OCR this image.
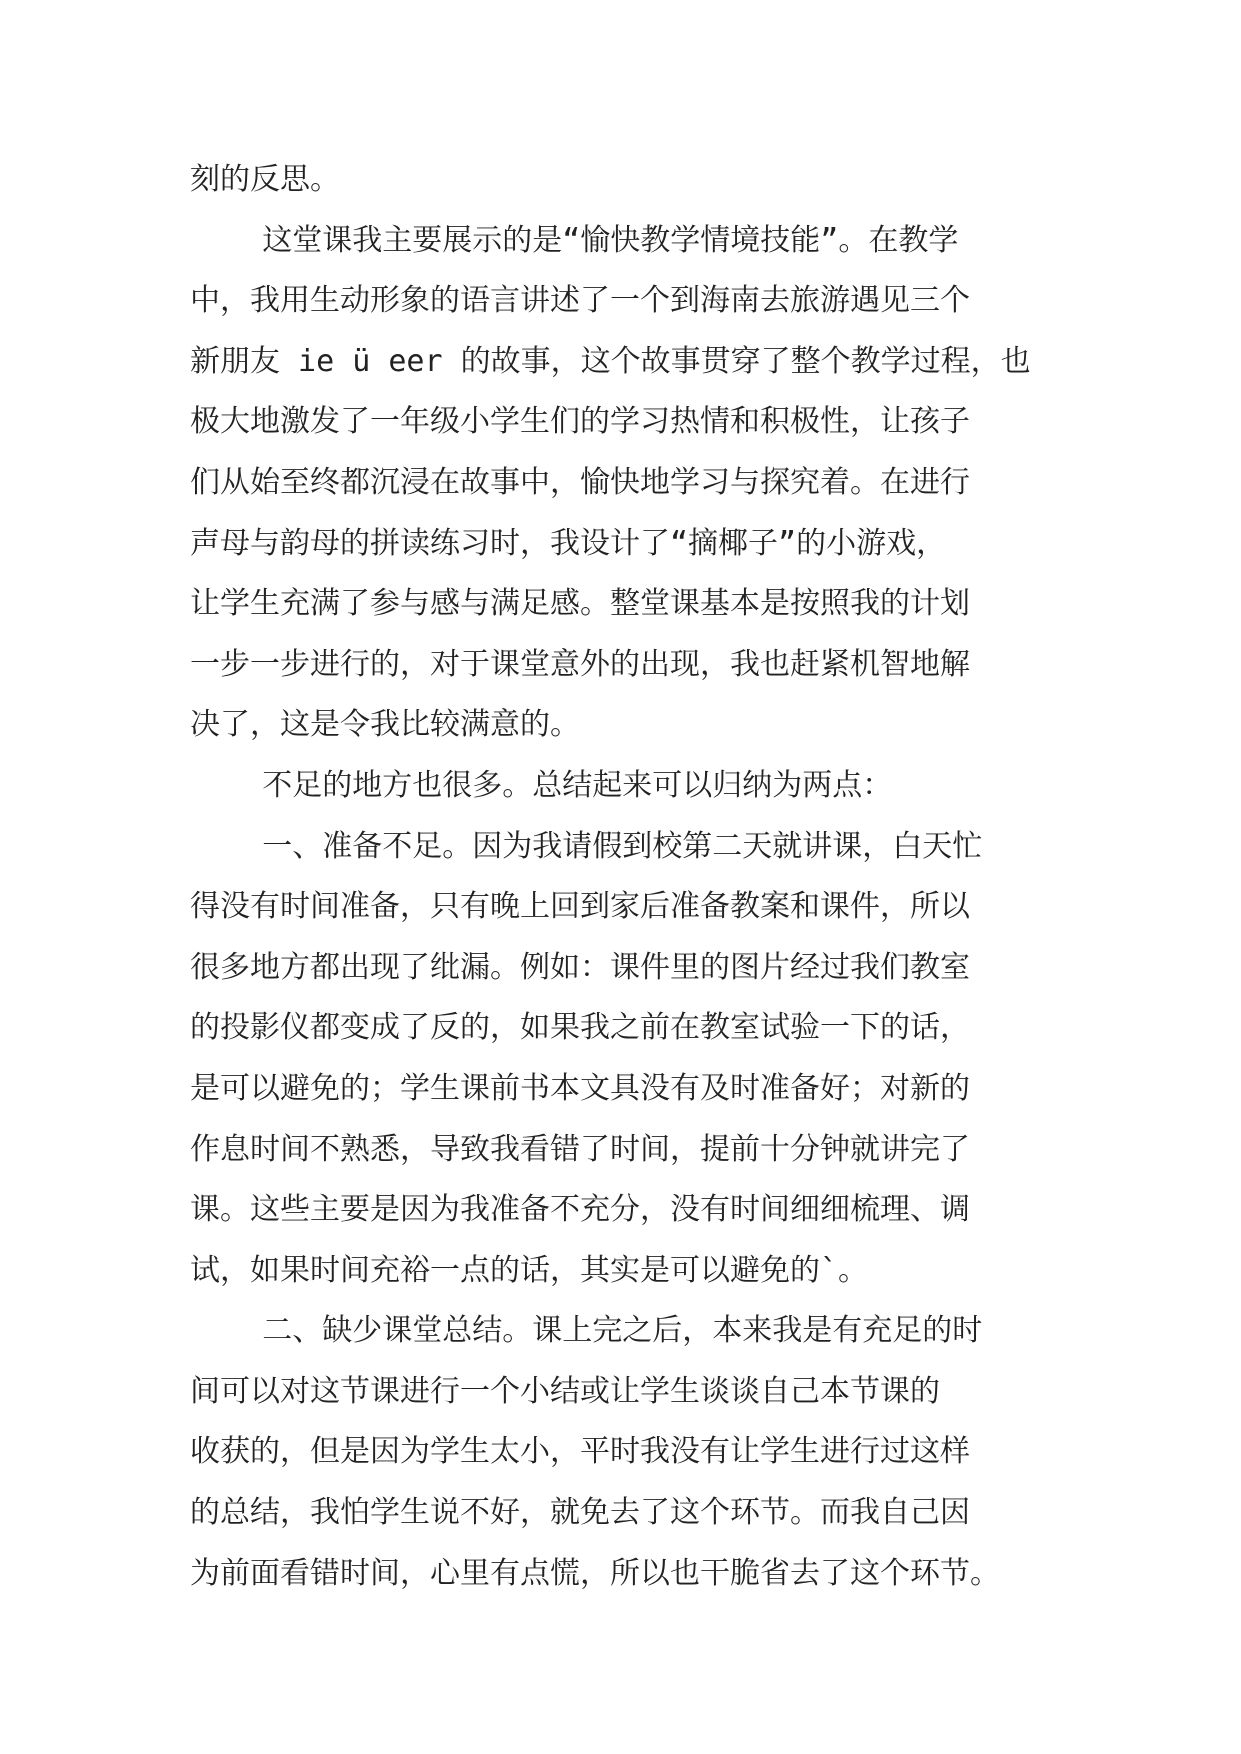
刻的反思。

这堂课我主要展示的是“愉快教学情境技能”。在教学

中，我用生动形象的语言讲述了一个到海南去旅游遇见三个

新朋友 ie ü eer 的故事，这个故事贯穿了整个教学过程，也

极大地激发了一年级小学生们的学习热情和积极性，让孩子

们从始至终都沉浸在故事中，愉快地学习与探究着。在进行

声母与韵母的拼读练习时，我设计了“摘椰子”的小游戏，

让学生充满了参与感与满足感。整堂课基本是按照我的计划

一步一步进行的，对于课堂意外的出现，我也赶紧机智地解

决了，这是令我比较满意的。

不足的地方也很多。总结起来可以归纳为两点：

一、准备不足。因为我请假到校第二天就讲课，白天忙

得没有时间准备，只有晚上回到家后准备教案和课件，所以

很多地方都出现了纰漏。例如：课件里的图片经过我们教室

的投影仪都变成了反的，如果我之前在教室试验一下的话，

是可以避免的；学生课前书本文具没有及时准备好；对新的

作息时间不熟悉，导致我看错了时间，提前十分钟就讲完了

课。这些主要是因为我准备不充分，没有时间细细梳理、调

试，如果时间充裕一点的话，其实是可以避免的`。

二、缺少课堂总结。课上完之后，本来我是有充足的时

间可以对这节课进行一个小结或让学生谈谈自己本节课的

收获的，但是因为学生太小，平时我没有让学生进行过这样

的总结，我怕学生说不好，就免去了这个环节。而我自己因

为前面看错时间，心里有点慌，所以也干脆省去了这个环节。
